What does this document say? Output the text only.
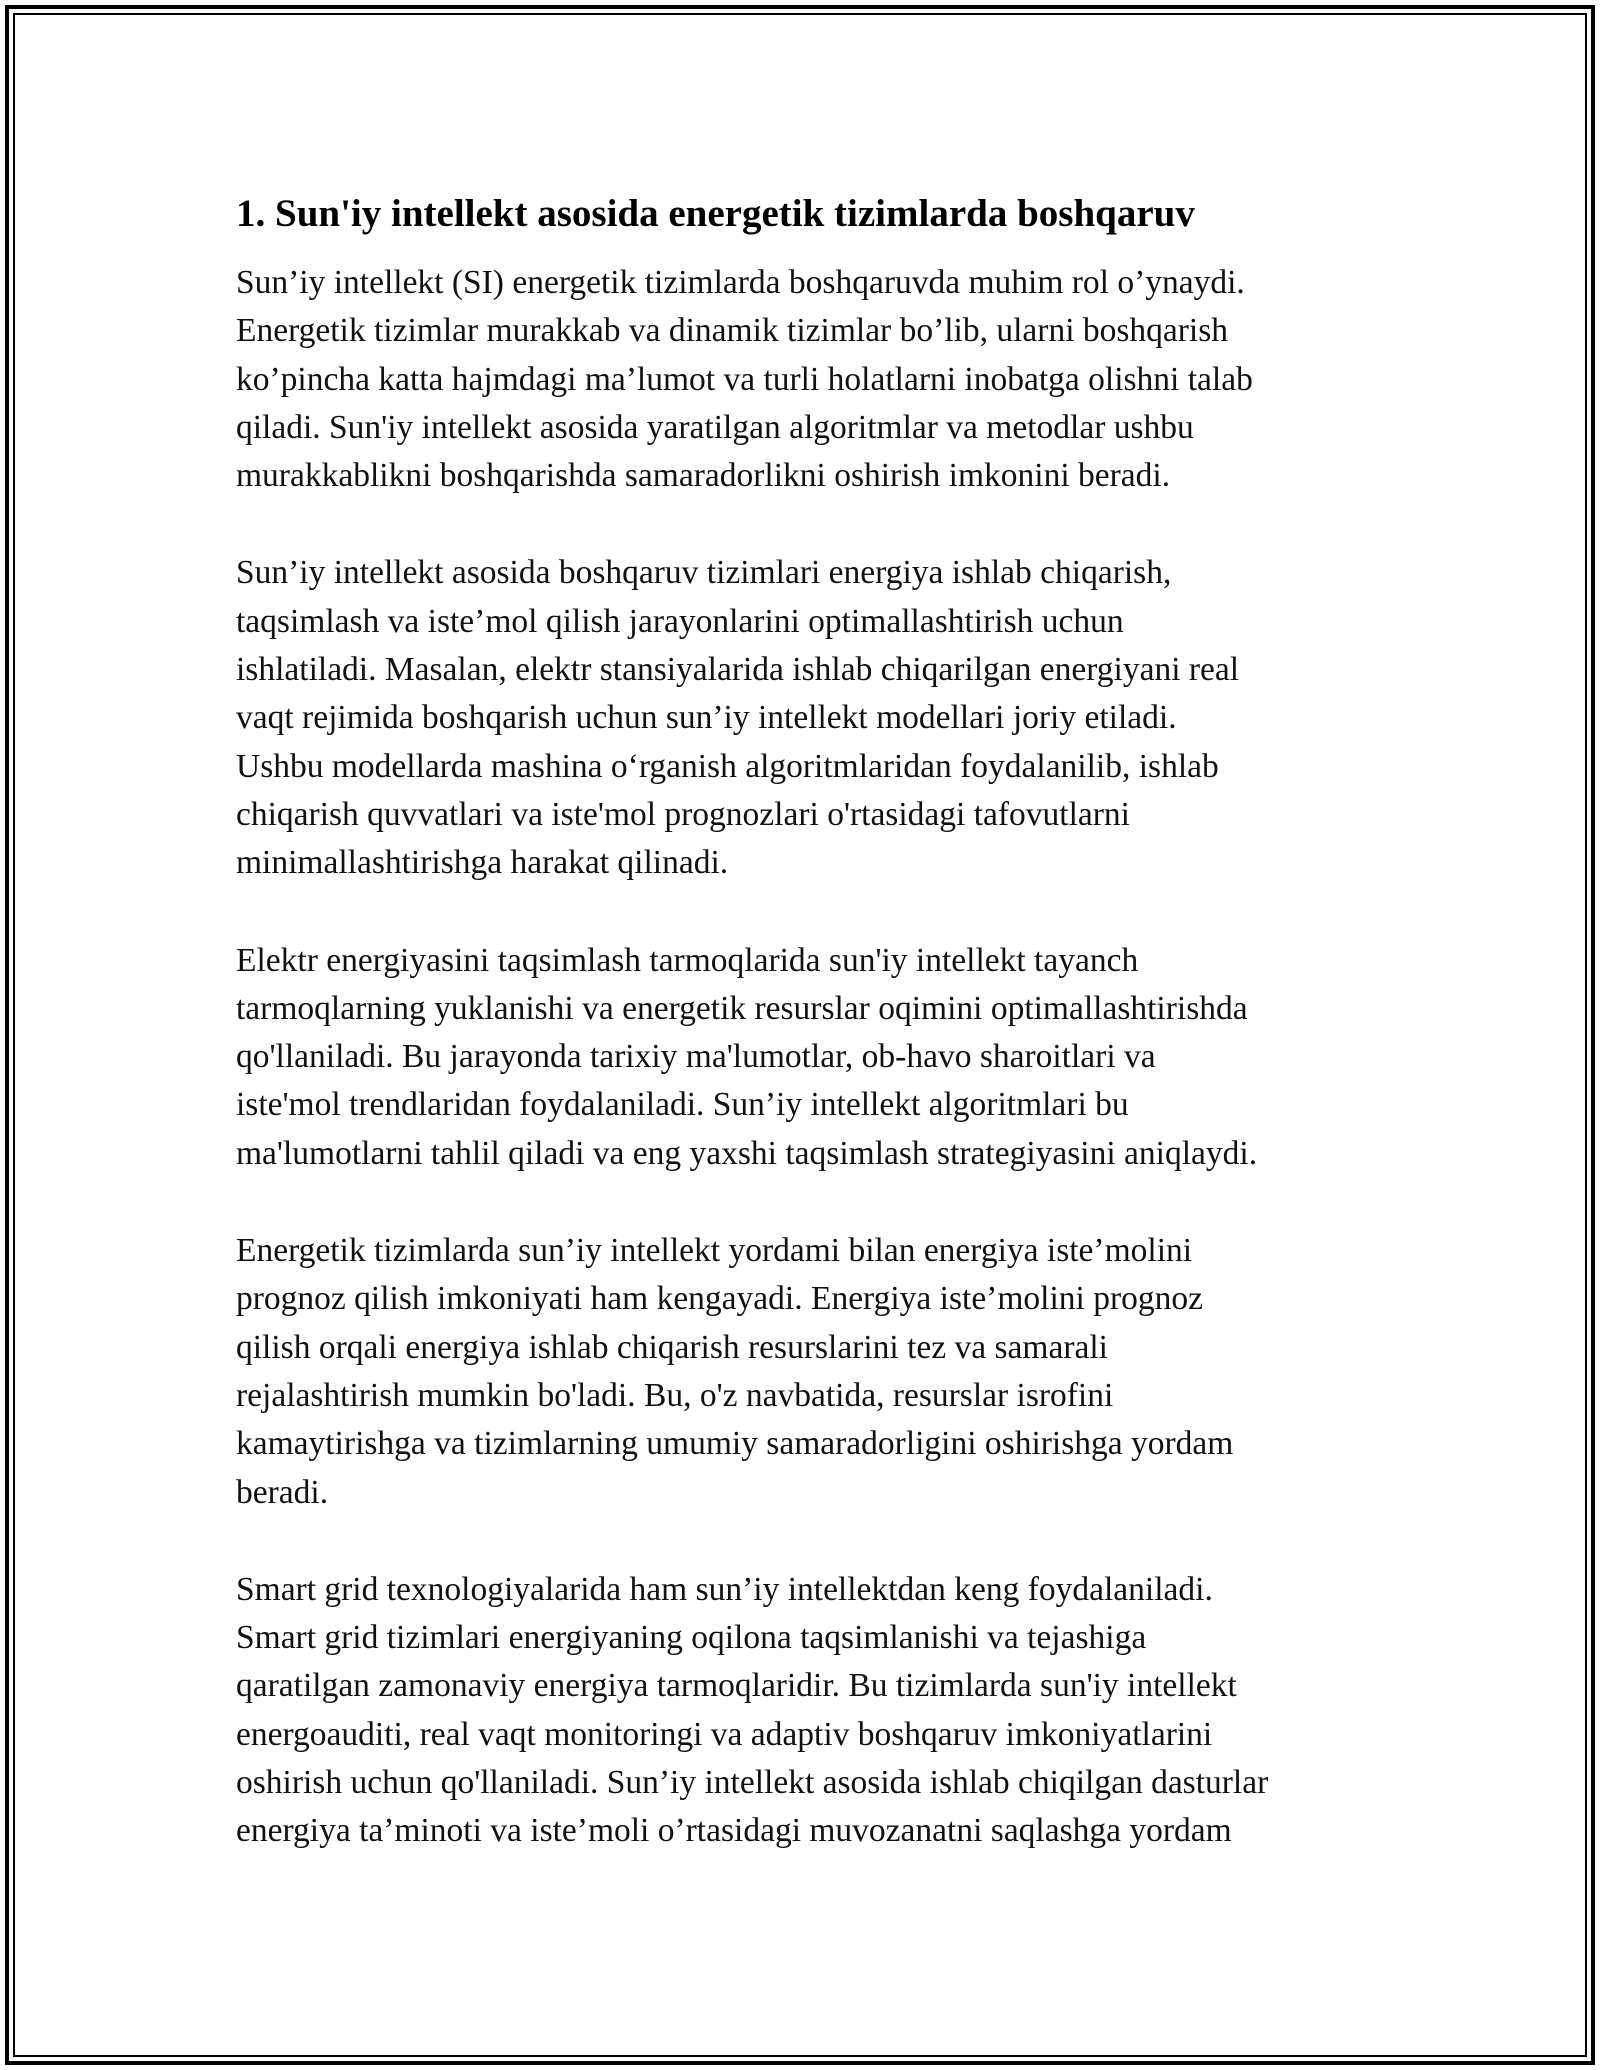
1. Sun'iy intellekt asosida energetik tizimlarda boshqaruv

Sun’iy intellekt (SI) energetik tizimlarda boshqaruvda muhim rol o’ynaydi.
Energetik tizimlar murakkab va dinamik tizimlar bo’lib, ularni boshqarish
ko’pincha katta hajmdagi ma’lumot va turli holatlarni inobatga olishni talab
qiladi. Sun'iy intellekt asosida yaratilgan algoritmlar va metodlar ushbu
murakkablikni boshqarishda samaradorlikni oshirish imkonini beradi.

Sun’iy intellekt asosida boshqaruv tizimlari energiya ishlab chiqarish,
taqsimlash va iste’mol qilish jarayonlarini optimallashtirish uchun
ishlatiladi. Masalan, elektr stansiyalarida ishlab chiqarilgan energiyani real
vaqt rejimida boshqarish uchun sun’iy intellekt modellari joriy etiladi.
Ushbu modellarda mashina o‘rganish algoritmlaridan foydalanilib, ishlab
chiqarish quvvatlari va iste'mol prognozlari o'rtasidagi tafovutlarni
minimallashtirishga harakat qilinadi.

Elektr energiyasini taqsimlash tarmoqlarida sun'iy intellekt tayanch
tarmoqlarning yuklanishi va energetik resurslar oqimini optimallashtirishda
qo'llaniladi. Bu jarayonda tarixiy ma'lumotlar, ob-havo sharoitlari va
iste'mol trendlaridan foydalaniladi. Sun’iy intellekt algoritmlari bu
ma'lumotlarni tahlil qiladi va eng yaxshi taqsimlash strategiyasini aniqlaydi.

Energetik tizimlarda sun’iy intellekt yordami bilan energiya iste’molini
prognoz qilish imkoniyati ham kengayadi. Energiya iste’molini prognoz
qilish orqali energiya ishlab chiqarish resurslarini tez va samarali
rejalashtirish mumkin bo'ladi. Bu, o'z navbatida, resurslar isrofini
kamaytirishga va tizimlarning umumiy samaradorligini oshirishga yordam
beradi.

Smart grid texnologiyalarida ham sun’iy intellektdan keng foydalaniladi.
Smart grid tizimlari energiyaning oqilona taqsimlanishi va tejashiga
qaratilgan zamonaviy energiya tarmoqlaridir. Bu tizimlarda sun'iy intellekt
energoauditi, real vaqt monitoringi va adaptiv boshqaruv imkoniyatlarini
oshirish uchun qo'llaniladi. Sun’iy intellekt asosida ishlab chiqilgan dasturlar
energiya ta’minoti va iste’moli o’rtasidagi muvozanatni saqlashga yordam
